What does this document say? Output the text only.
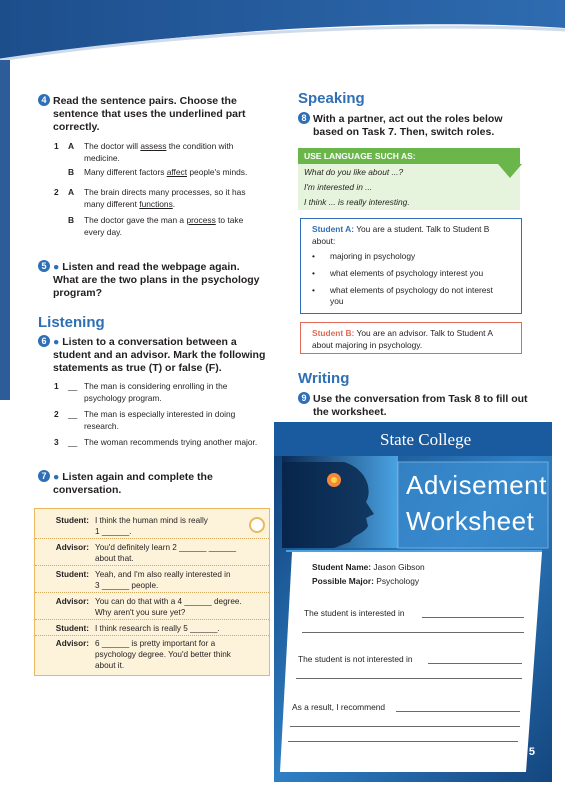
4 Read the sentence pairs. Choose the
sentence that uses the underlined part
correctly.
1 A The doctor will assess the condition with
medicine.
B Many different factors affect people's minds.
2 A The brain directs many processes, so it has
many different functions.
B The doctor gave the man a process to take
every day.
5 ● Listen and read the webpage again.
What are the two plans in the psychology
program?
Listening
6 ● Listen to a conversation between a
student and an advisor. Mark the following
statements as true (T) or false (F).
1 __ The man is considering enrolling in the
psychology program.
2 __ The man is especially interested in doing
research.
3 __ The woman recommends trying another major.
7 ● Listen again and complete the
conversation.
Student: I think the human mind is really
1 ______.
Advisor: You'd definitely learn 2 ______ ______
about that.
Student: Yeah, and I'm also really interested in
3 ______ people.
Advisor: You can do that with a 4 ______ degree.
Why aren't you sure yet?
Student: I think research is really 5 ______.
Advisor: 6 ______ is pretty important for a
psychology degree. You'd better think
about it.
Speaking
8 With a partner, act out the roles below
based on Task 7. Then, switch roles.
USE LANGUAGE SUCH AS:
What do you like about ...?
I'm interested in ...
I think ... is really interesting.
Student A: You are a student. Talk to Student B
about:
• majoring in psychology
• what elements of psychology interest you
• what elements of psychology do not interest
you
Student B: You are an advisor. Talk to Student A
about majoring in psychology.
Writing
9 Use the conversation from Task 8 to fill out
the worksheet.
State College
Advisement
Worksheet
Student Name: Jason Gibson
Possible Major: Psychology
The student is interested in
The student is not interested in
As a result, I recommend
5
